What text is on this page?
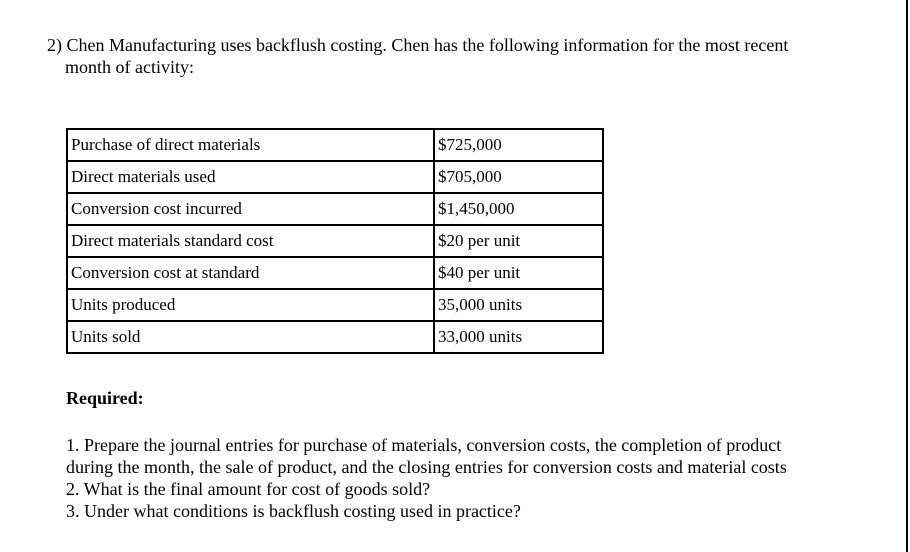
2) Chen Manufacturing uses backflush costing. Chen has the following information for the most recent
month of activity:
Purchase of direct materials	$725,000
Direct materials used	$705,000
Conversion cost incurred	$1,450,000
Direct materials standard cost	$20 per unit
Conversion cost at standard	$40 per unit
Units produced	35,000 units
Units sold	33,000 units
Required:
1. Prepare the journal entries for purchase of materials, conversion costs, the completion of product
during the month, the sale of product, and the closing entries for conversion costs and material costs
2. What is the final amount for cost of goods sold?
3. Under what conditions is backflush costing used in practice?
